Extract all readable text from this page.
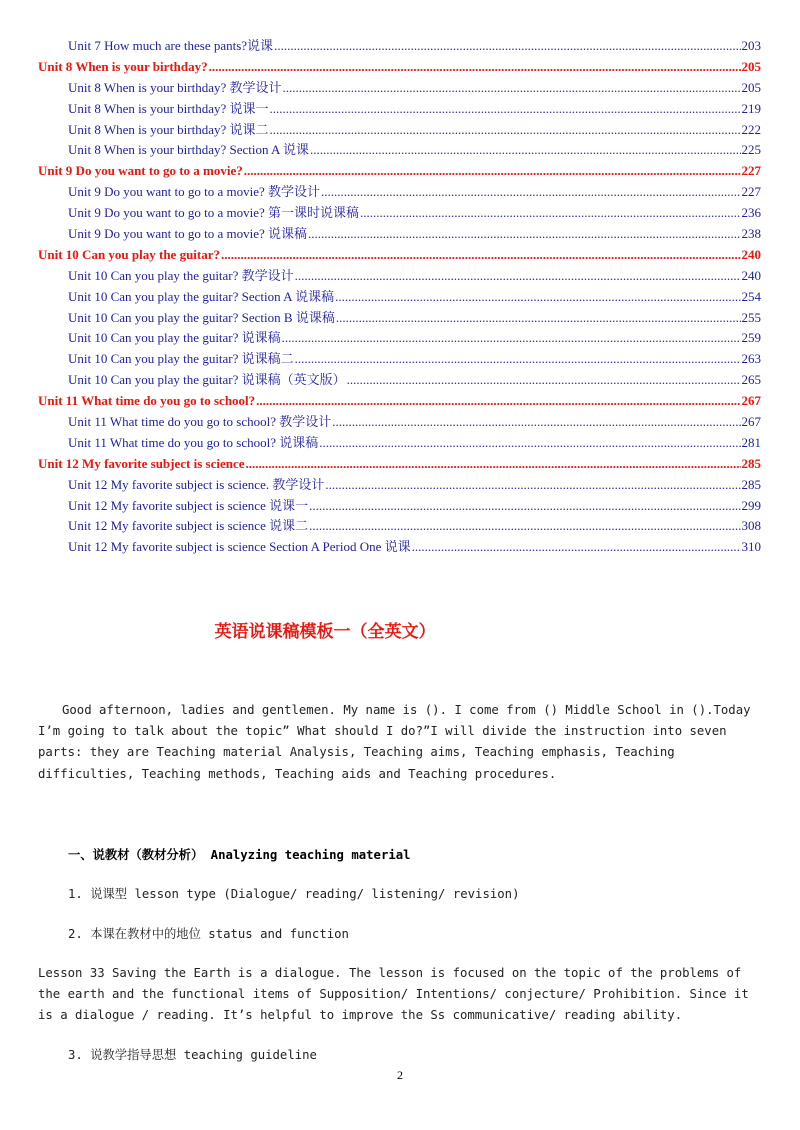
Unit 7 How much are these pants?说课 .....	203
Unit 8 When is your birthday? .....	205
Unit 8 When is your birthday? 教学设计 .....	205
Unit 8 When is your birthday? 说课一 .....	219
Unit 8 When is your birthday? 说课二 .....	222
Unit 8 When is your birthday? Section A 说课 .....	225
Unit 9 Do you want to go to a movie? .....	227
Unit 9 Do you want to go to a movie? 教学设计 .....	227
Unit 9 Do you want to go to a movie? 第一课时说课稿 .....	236
Unit 9 Do you want to go to a movie? 说课稿 .....	238
Unit 10 Can you play the guitar? .....	240
Unit 10 Can you play the guitar? 教学设计 .....	240
Unit 10 Can you play the guitar? Section A 说课稿 .....	254
Unit 10 Can you play the guitar? Section B 说课稿 .....	255
Unit 10 Can you play the guitar? 说课稿 .....	259
Unit 10 Can you play the guitar? 说课稿二 .....	263
Unit 10 Can you play the guitar? 说课稿（英文版） .....	265
Unit 11 What time do you go to school? .....	267
Unit 11 What time do you go to school? 教学设计 .....	267
Unit 11 What time do you go to school? 说课稿 .....	281
Unit 12 My favorite subject is science .....	285
Unit 12 My favorite subject is science. 教学设计 .....	285
Unit 12 My favorite subject is science 说课一 .....	299
Unit 12 My favorite subject is science 说课二 .....	308
Unit 12 My favorite subject is science Section A Period One 说课 .....	310
英语说课稿模板一（全英文）
Good afternoon, ladies and gentlemen. My name is (). I come from () Middle School in ().Today I’m going to talk about the topic” What should I do?”I will divide the instruction into seven parts: they are Teaching material Analysis, Teaching aims, Teaching emphasis, Teaching difficulties, Teaching methods, Teaching aids and Teaching procedures.
一、说教材（教材分析） Analyzing teaching material
1. 说课型 lesson type (Dialogue/ reading/ listening/ revision)
2. 本课在教材中的地位 status and function
Lesson 33 Saving the Earth is a dialogue. The lesson is focused on the topic of the problems of the earth and the functional items of Supposition/ Intentions/ conjecture/ Prohibition. Since it is a dialogue / reading. It’s helpful to improve the Ss communicative/ reading ability.
3. 说教学指导思想 teaching guideline
2
